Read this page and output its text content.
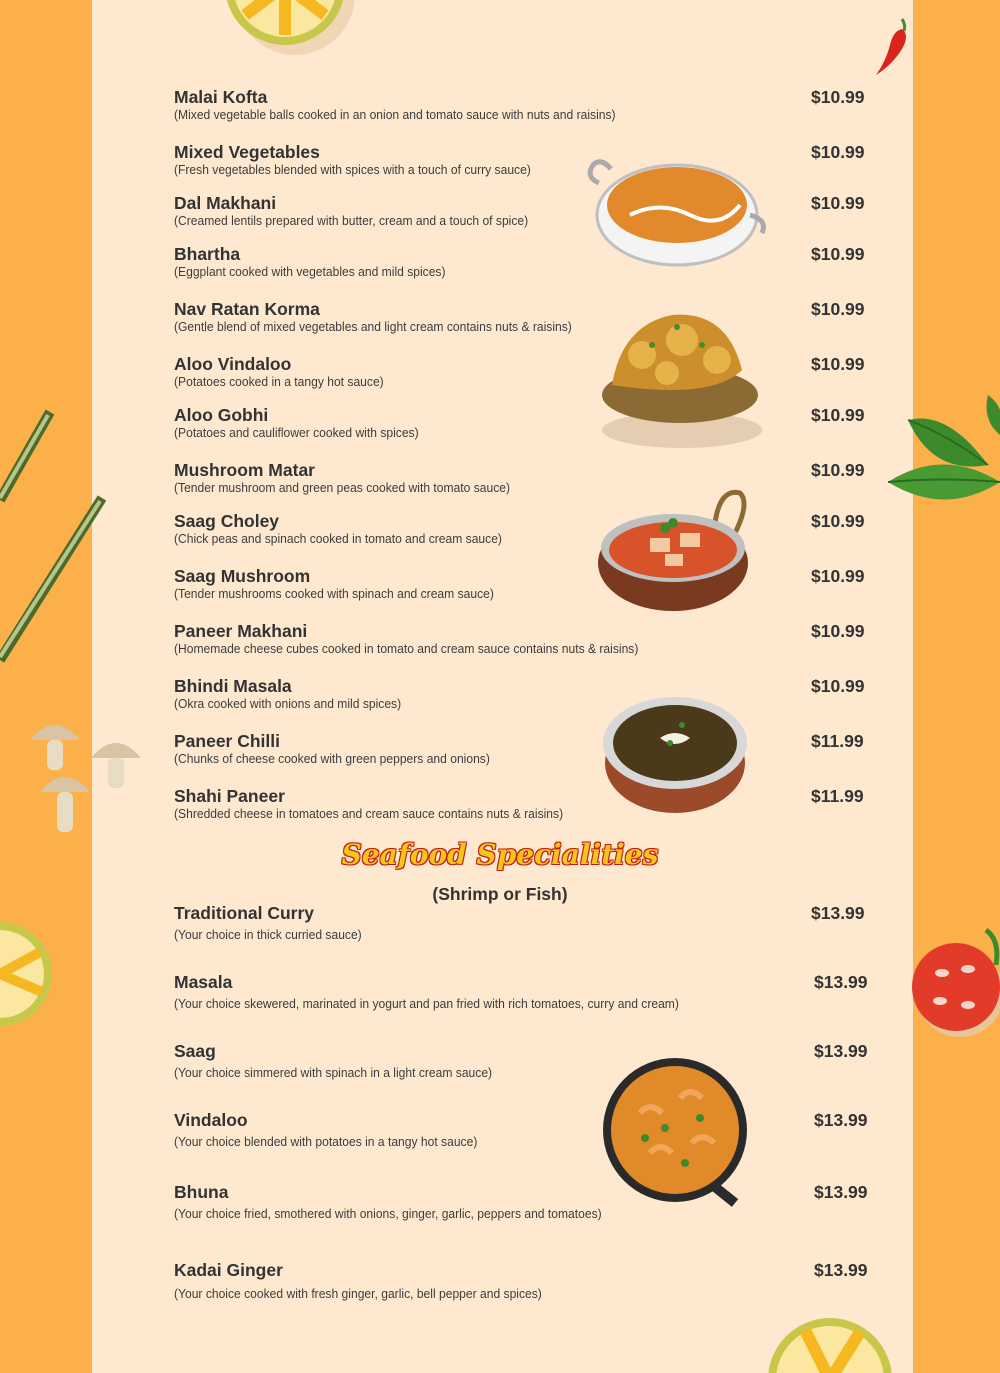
Malai Kofta
(Mixed vegetable balls cooked in an onion and tomato sauce with nuts and raisins)
$10.99
Mixed Vegetables
(Fresh vegetables blended with spices with a touch of curry sauce)
$10.99
Dal Makhani
(Creamed lentils prepared with butter, cream and a touch of spice)
$10.99
Bhartha
(Eggplant cooked with vegetables and mild spices)
$10.99
Nav Ratan Korma
(Gentle blend of mixed vegetables and light cream contains nuts & raisins)
$10.99
Aloo Vindaloo
(Potatoes cooked in a tangy hot sauce)
$10.99
Aloo Gobhi
(Potatoes and cauliflower cooked with spices)
$10.99
Mushroom Matar
(Tender mushroom and green peas cooked with tomato sauce)
$10.99
Saag Choley
(Chick peas and spinach cooked in tomato and cream sauce)
$10.99
Saag Mushroom
(Tender mushrooms cooked with spinach and cream sauce)
$10.99
Paneer Makhani
(Homemade cheese cubes cooked in tomato and cream sauce contains nuts & raisins)
$10.99
Bhindi Masala
(Okra cooked with onions and mild spices)
$10.99
Paneer Chilli
(Chunks of cheese cooked with green peppers and onions)
$11.99
Shahi Paneer
(Shredded cheese in tomatoes and cream sauce contains nuts & raisins)
$11.99
Seafood Specialities
(Shrimp or Fish)
Traditional Curry
(Your choice in thick curried sauce)
$13.99
Masala
(Your choice skewered, marinated in yogurt and pan fried with rich tomatoes, curry and cream)
$13.99
Saag
(Your choice simmered with spinach in a light cream sauce)
$13.99
Vindaloo
(Your choice blended with potatoes in a tangy hot sauce)
$13.99
Bhuna
(Your choice fried, smothered with onions, ginger, garlic, peppers and tomatoes)
$13.99
Kadai Ginger
(Your choice cooked with fresh ginger, garlic, bell pepper and spices)
$13.99
